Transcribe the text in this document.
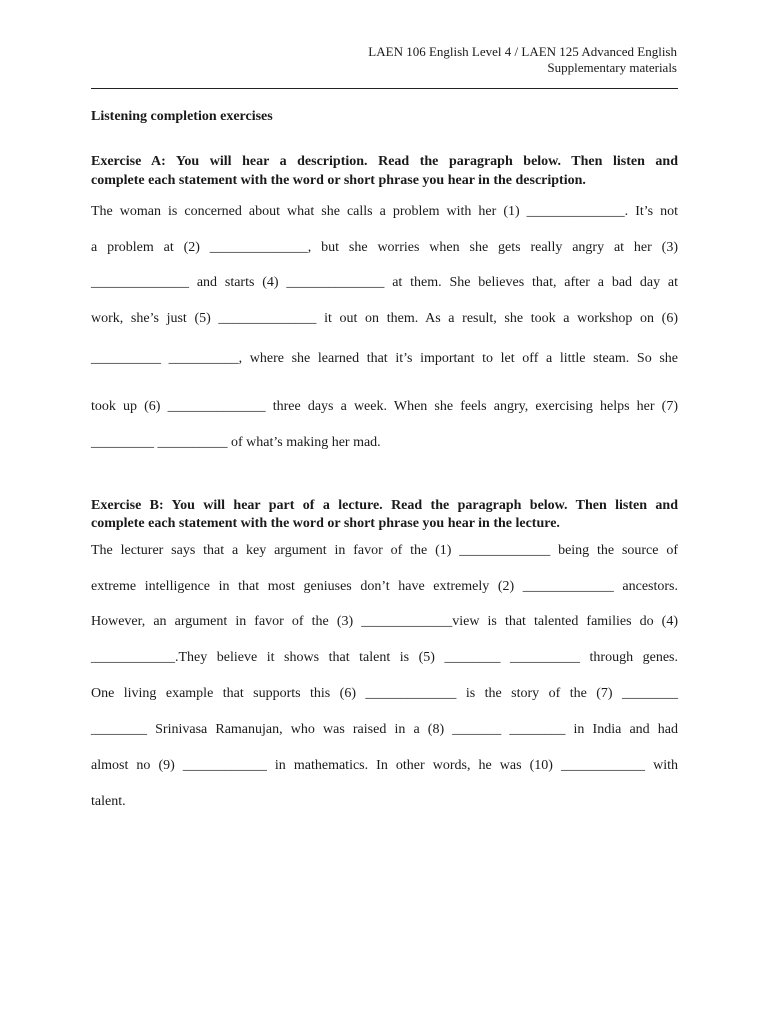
LAEN 106 English Level 4 / LAEN 125 Advanced English
Supplementary materials
Listening completion exercises
Exercise A: You will hear a description. Read the paragraph below. Then listen and
complete each statement with the word or short phrase you hear in the description.
The woman is concerned about what she calls a problem with her (1) ______________. It’s not
a problem at (2) ______________, but she worries when she gets really angry at her (3)
______________ and starts (4) ______________ at them. She believes that, after a bad day at
work, she’s just (5) ______________ it out on them. As a result, she took a workshop on (6)
__________ __________, where she learned that it’s important to let off a little steam. So she
took up (6) ______________ three days a week. When she feels angry, exercising helps her (7)
_________ __________ of what’s making her mad.
Exercise B: You will hear part of a lecture. Read the paragraph below. Then listen and
complete each statement with the word or short phrase you hear in the lecture.
The lecturer says that a key argument in favor of the (1) _____________ being the source of
extreme intelligence in that most geniuses don’t have extremely (2) _____________ ancestors.
However, an argument in favor of the (3) _____________view is that talented families do (4)
____________.They believe it shows that talent is (5) ________ __________ through genes.
One living example that supports this (6) _____________ is the story of the (7) ________
________ Srinivasa Ramanujan, who was raised in a (8) _______ ________ in India and had
almost no (9) ____________ in mathematics. In other words, he was (10) ____________ with
talent.
